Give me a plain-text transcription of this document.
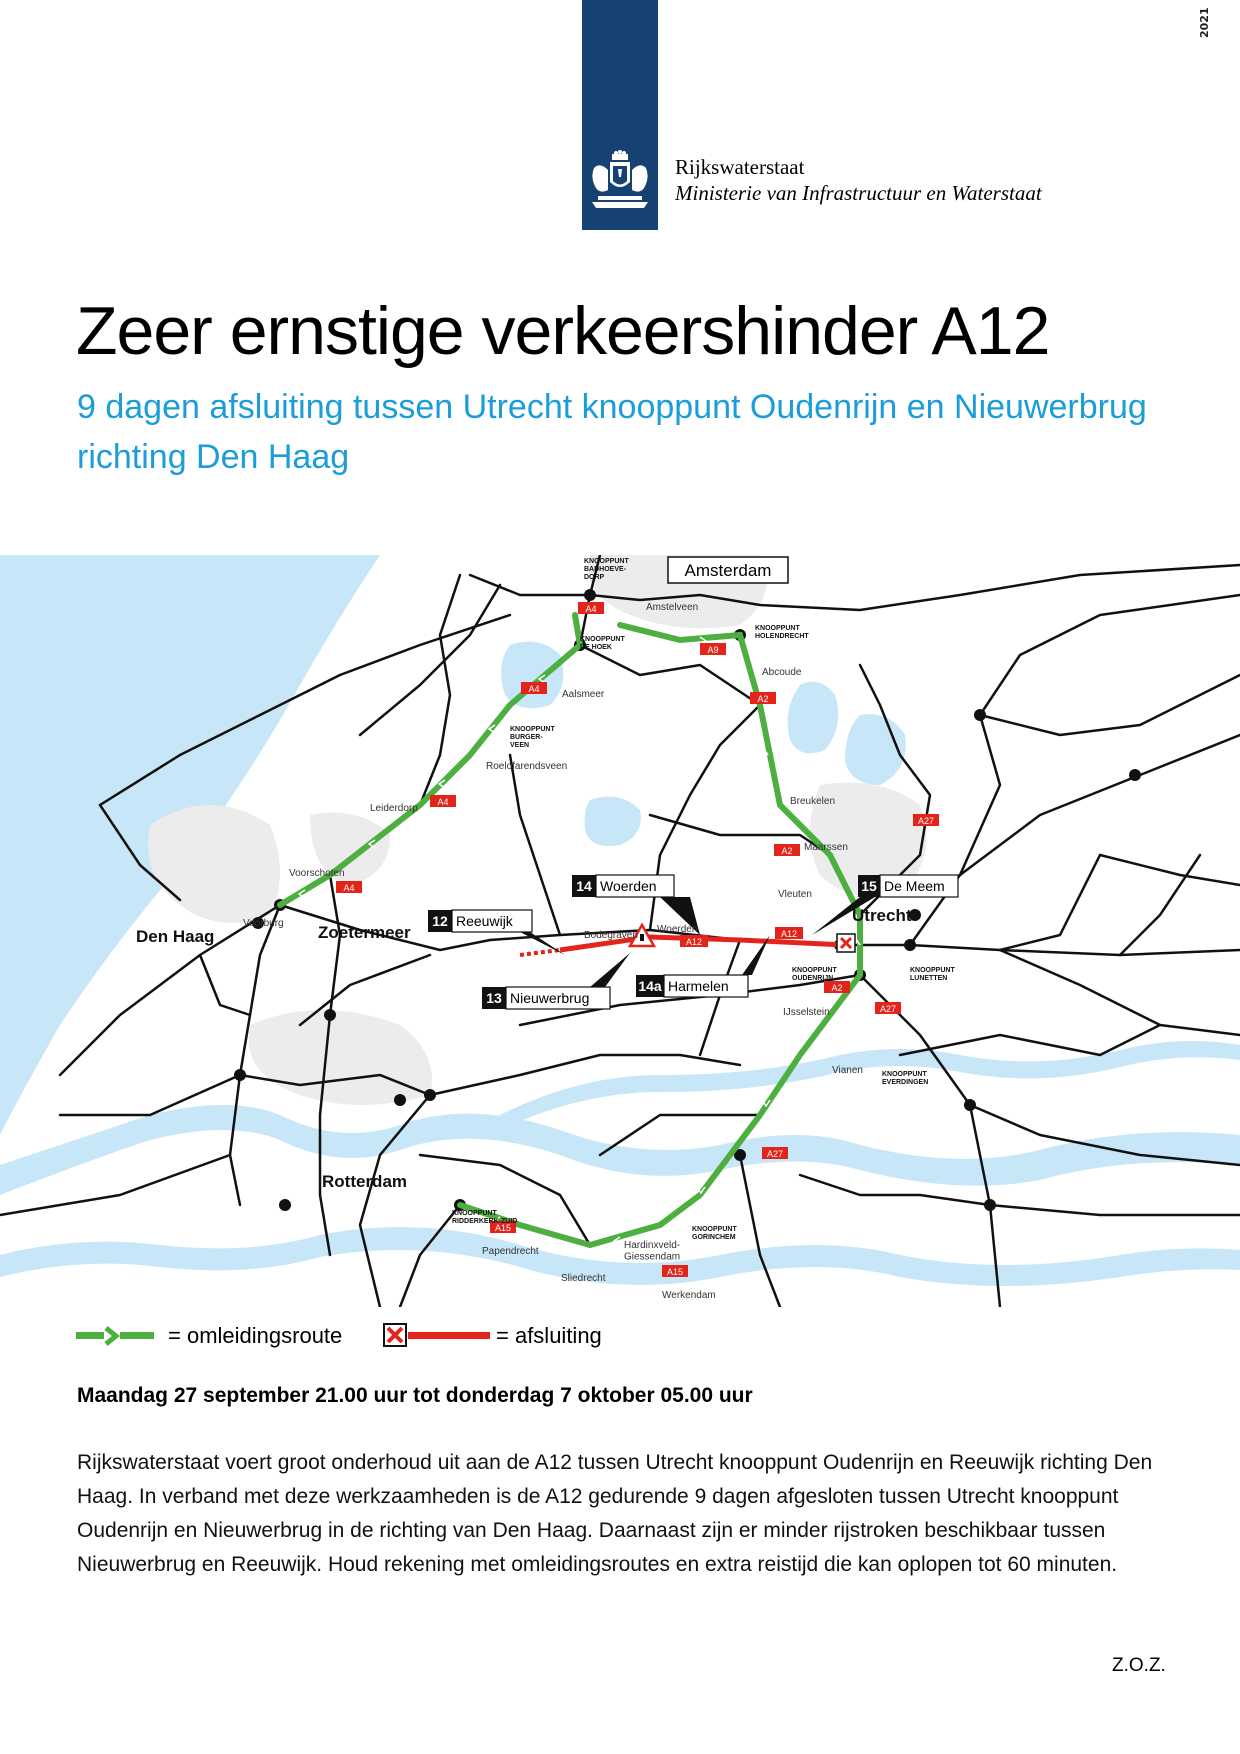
2021
Rijkswaterstaat
Ministerie van Infrastructuur en Waterstaat
Zeer ernstige verkeershinder A12
9 dagen afsluiting tussen Utrecht knooppunt Oudenrijn en Nieuwerbrug richting Den Haag
A4
A4
A4
A4
A9
A2
A2
A2
A12
A12
A27
A27
A27
A15
A15
Amsterdam
14 Woerden
12 Reeuwijk
13 Nieuwerbrug
14a Harmelen
15 De Meem
Den Haag	Zoetermeer
Rotterdam
Utrecht
Amstelveen
Abcoude
Aalsmeer
Roelofarendsveen
Leiderdorp
Breukelen
Maarssen
Vleuten
Voorschoten
Voorburg
Bodegraven
Woerden
IJsselstein
Vianen
Papendrecht
Sliedrecht
Hardinxveld-Giessendam
Werkendam
KNOOPPUNT BADHOEVE-DORP
KNOOPPUNT DE HOEK
KNOOPPUNT HOLENDRECHT
KNOOPPUNT BURGER-VEEN
KNOOPPUNT OUDENRIJN
KNOOPPUNT LUNETTEN
KNOOPPUNT EVERDINGEN
KNOOPPUNT GORINCHEM
KNOOPPUNT RIDDERKERK-ZUID
= omleidingsroute	= afsluiting
Maandag 27 september 21.00 uur tot donderdag 7 oktober 05.00 uur
Rijkswaterstaat voert groot onderhoud uit aan de A12 tussen Utrecht knooppunt Oudenrijn en Reeuwijk richting Den Haag. In verband met deze werkzaamheden is de A12 gedurende 9 dagen afgesloten tussen Utrecht knooppunt Oudenrijn en Nieuwerbrug in de richting van Den Haag. Daarnaast zijn er minder rijstroken beschikbaar tussen Nieuwerbrug en Reeuwijk. Houd rekening met omleidingsroutes en extra reistijd die kan oplopen tot 60 minuten.
Z.O.Z.
